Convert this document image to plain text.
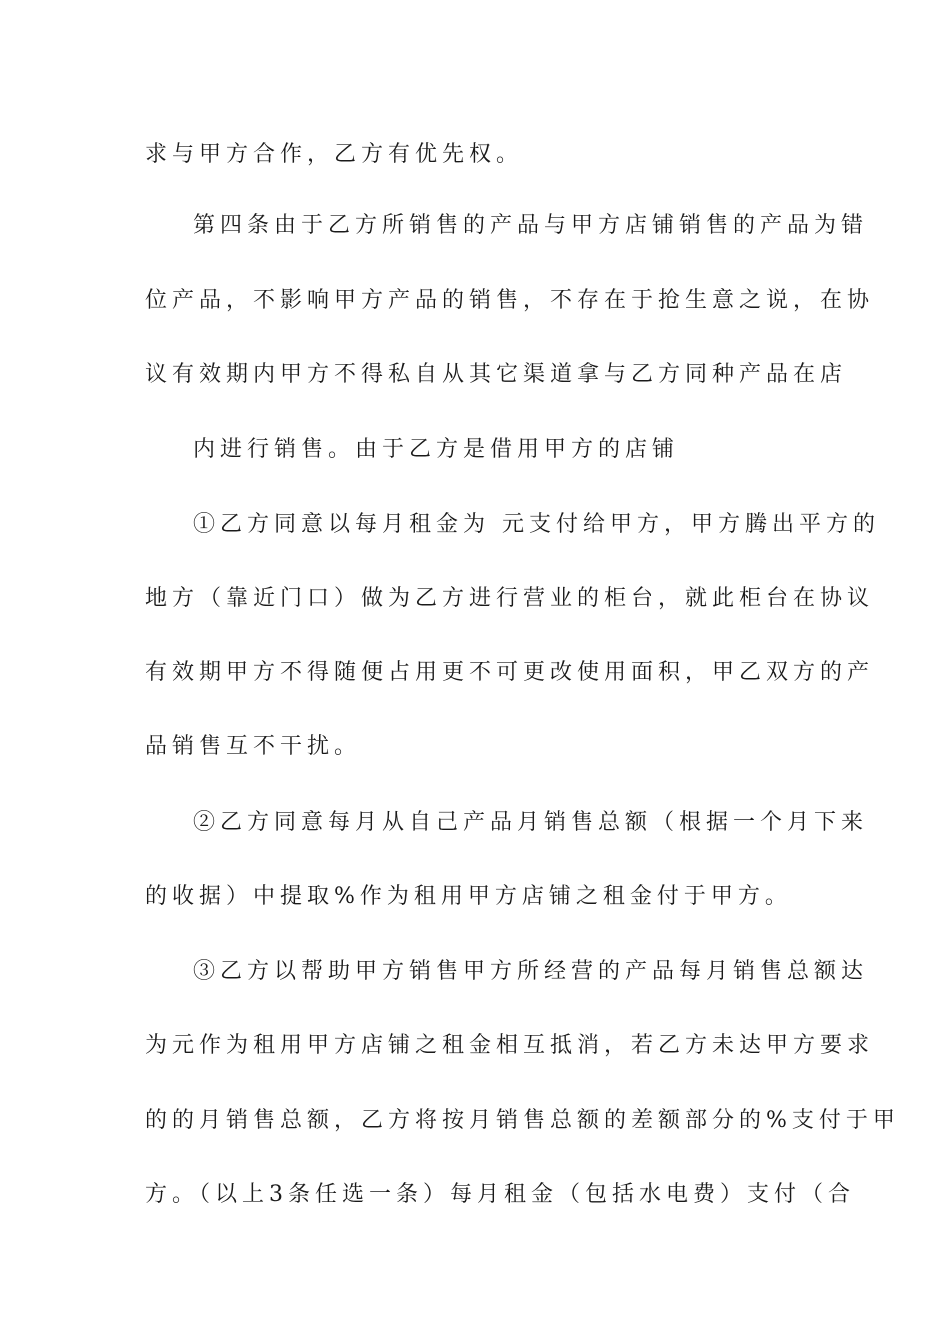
求与甲方合作，乙方有优先权。
第四条由于乙方所销售的产品与甲方店铺销售的产品为错
位产品，不影响甲方产品的销售，不存在于抢生意之说，在协
议有效期内甲方不得私自从其它渠道拿与乙方同种产品在店
内进行销售。由于乙方是借用甲方的店铺
①乙方同意以每月租金为 元支付给甲方，甲方腾出平方的
地方（靠近门口）做为乙方进行营业的柜台，就此柜台在协议
有效期甲方不得随便占用更不可更改使用面积，甲乙双方的产
品销售互不干扰。
②乙方同意每月从自己产品月销售总额（根据一个月下来
的收据）中提取%作为租用甲方店铺之租金付于甲方。
③乙方以帮助甲方销售甲方所经营的产品每月销售总额达
为元作为租用甲方店铺之租金相互抵消，若乙方未达甲方要求
的的月销售总额，乙方将按月销售总额的差额部分的%支付于甲
方。（以上3条任选一条）每月租金（包括水电费）支付（合
